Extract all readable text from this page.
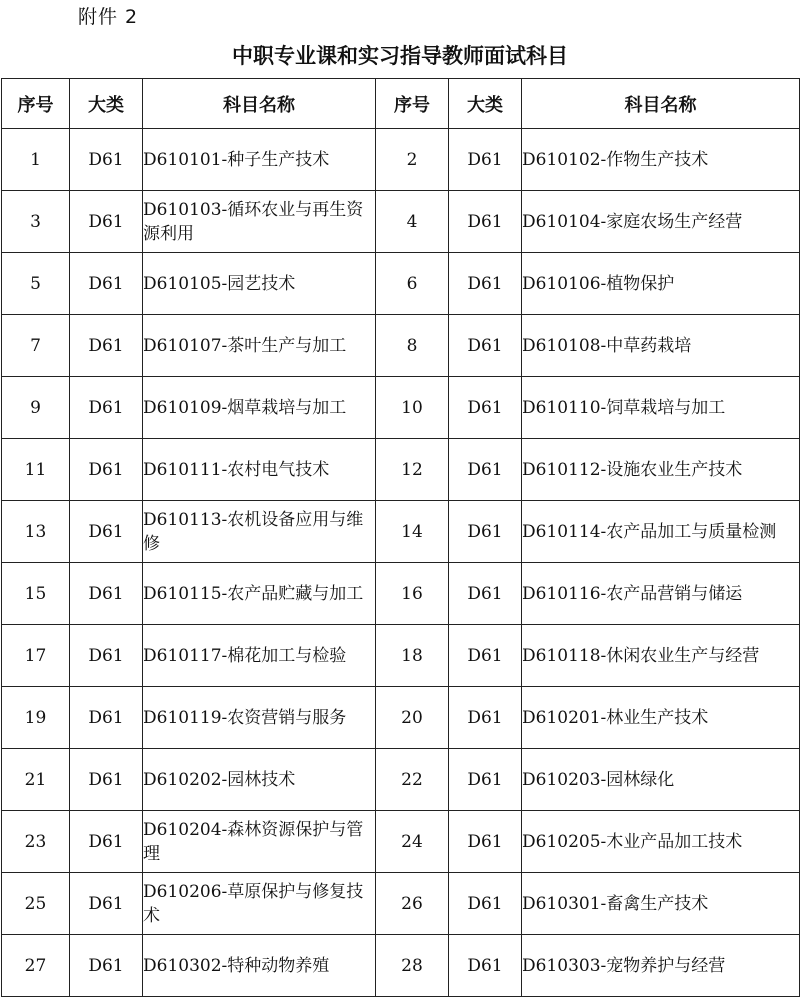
附件 2
中职专业课和实习指导教师面试科目
序号	大类	科目名称	序号	大类	科目名称
1	D61	D610101-种子生产技术	2	D61	D610102-作物生产技术
3	D61	D610103-循环农业与再生资源利用	4	D61	D610104-家庭农场生产经营
5	D61	D610105-园艺技术	6	D61	D610106-植物保护
7	D61	D610107-茶叶生产与加工	8	D61	D610108-中草药栽培
9	D61	D610109-烟草栽培与加工	10	D61	D610110-饲草栽培与加工
11	D61	D610111-农村电气技术	12	D61	D610112-设施农业生产技术
13	D61	D610113-农机设备应用与维修	14	D61	D610114-农产品加工与质量检测
15	D61	D610115-农产品贮藏与加工	16	D61	D610116-农产品营销与储运
17	D61	D610117-棉花加工与检验	18	D61	D610118-休闲农业生产与经营
19	D61	D610119-农资营销与服务	20	D61	D610201-林业生产技术
21	D61	D610202-园林技术	22	D61	D610203-园林绿化
23	D61	D610204-森林资源保护与管理	24	D61	D610205-木业产品加工技术
25	D61	D610206-草原保护与修复技术	26	D61	D610301-畜禽生产技术
27	D61	D610302-特种动物养殖	28	D61	D610303-宠物养护与经营
